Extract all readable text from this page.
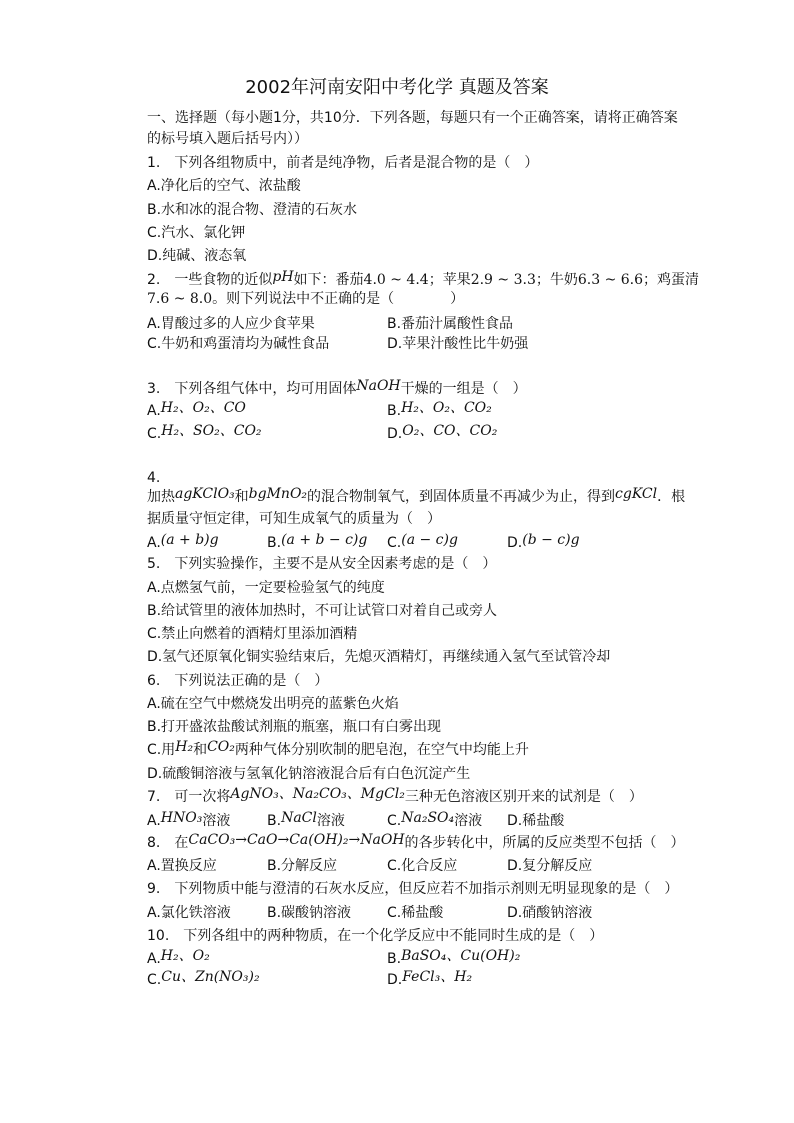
2002年河南安阳中考化学 真题及答案
一、选择题（每小题1分，共10分．下列各题，每题只有一个正确答案，请将正确答案
的标号填入题后括号内））
1.　下列各组物质中，前者是纯净物，后者是混合物的是（　）
A.净化后的空气、浓盐酸
B.水和冰的混合物、澄清的石灰水
C.汽水、氯化钾
D.纯碱、液态氧
2.　一些食物的近似pH如下：番茄4.0 ~ 4.4；苹果2.9 ~ 3.3；牛奶6.3 ~ 6.6；鸡蛋清
7.6 ~ 8.0。则下列说法中不正确的是（　　　　）
A.胃酸过多的人应少食苹果	B.番茄汁属酸性食品
C.牛奶和鸡蛋清均为碱性食品	D.苹果汁酸性比牛奶强
3.　下列各组气体中，均可用固体NaOH干燥的一组是（　）
A.H₂、O₂、CO	B.H₂、O₂、CO₂
C.H₂、SO₂、CO₂	D.O₂、CO、CO₂
4.
加热agKClO₃和bgMnO₂的混合物制氧气，到固体质量不再减少为止，得到cgKCl．根
据质量守恒定律，可知生成氧气的质量为（　）
A.(a + b)g	B.(a + b − c)g C.(a − c)g	D.(b − c)g
5.　下列实验操作，主要不是从安全因素考虑的是（　）
A.点燃氢气前，一定要检验氢气的纯度
B.给试管里的液体加热时，不可让试管口对着自己或旁人
C.禁止向燃着的酒精灯里添加酒精
D.氢气还原氧化铜实验结束后，先熄灭酒精灯，再继续通入氢气至试管冷却
6.　下列说法正确的是（　）
A.硫在空气中燃烧发出明亮的蓝紫色火焰
B.打开盛浓盐酸试剂瓶的瓶塞，瓶口有白雾出现
C.用H₂和CO₂两种气体分别吹制的肥皂泡，在空气中均能上升
D.硫酸铜溶液与氢氧化钠溶液混合后有白色沉淀产生
7.　可一次将AgNO₃、Na₂CO₃、MgCl₂三种无色溶液区别开来的试剂是（　）
A.HNO₃溶液	B.NaCl溶液	C.Na₂SO₄溶液 D.稀盐酸
8.　在CaCO₃→CaO→Ca(OH)₂→NaOH的各步转化中，所属的反应类型不包括（　）
A.置换反应	B.分解反应	C.化合反应	D.复分解反应
9.　下列物质中能与澄清的石灰水反应，但反应若不加指示剂则无明显现象的是（　）
A.氯化铁溶液	B.碳酸钠溶液	C.稀盐酸	D.硝酸钠溶液
10.　下列各组中的两种物质，在一个化学反应中不能同时生成的是（　）
A.H₂、O₂	B.BaSO₄、Cu(OH)₂
C.Cu、Zn(NO₃)₂	D.FeCl₃、H₂
